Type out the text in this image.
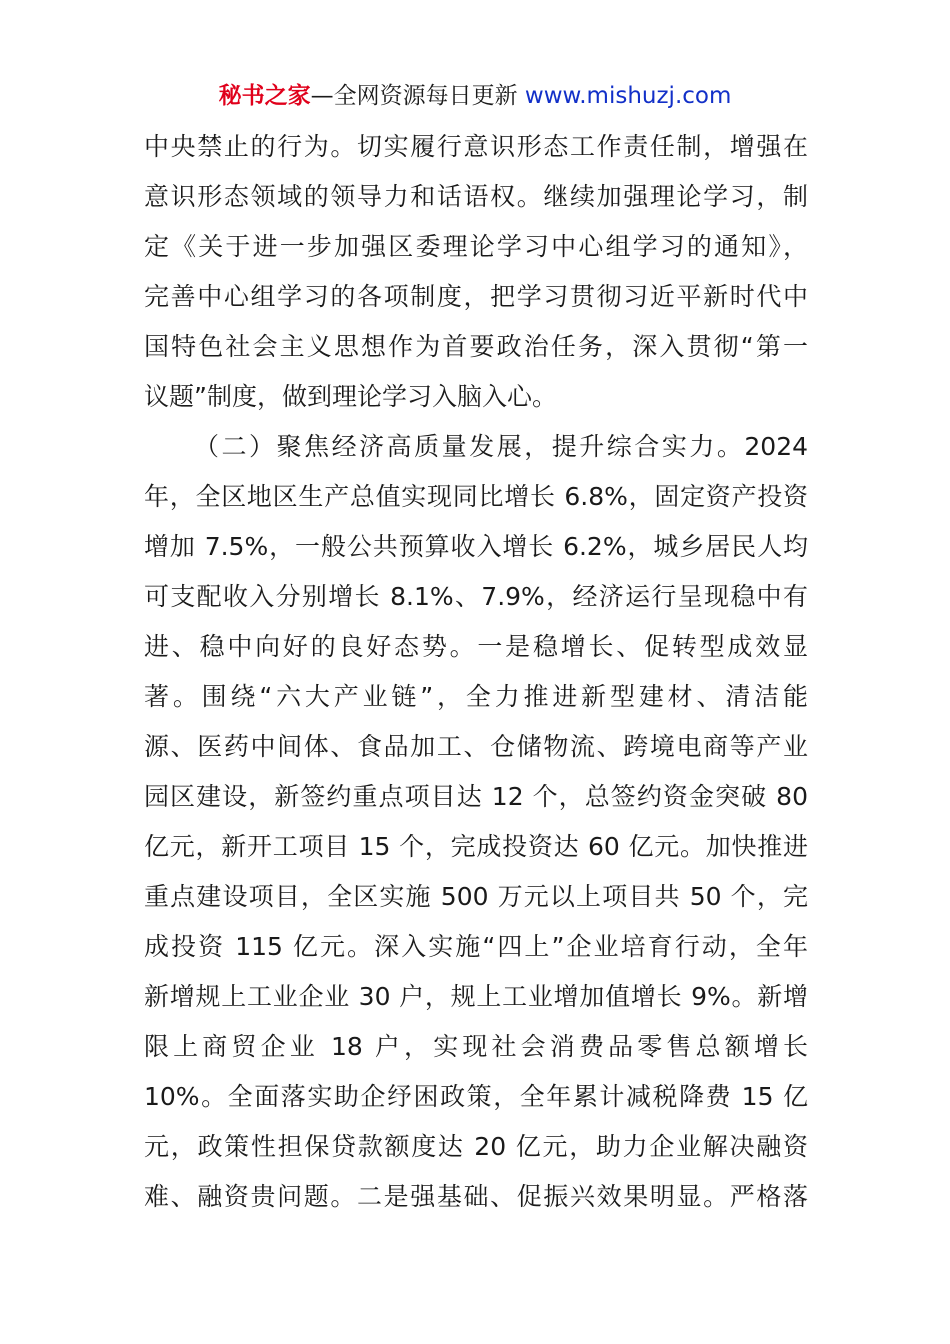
秘书之家—全网资源每日更新 www.mishuzj.com
中央禁止的行为。切实履行意识形态工作责任制，增强在
意识形态领域的领导力和话语权。继续加强理论学习，制
定《关于进一步加强区委理论学习中心组学习的通知》，
完善中心组学习的各项制度，把学习贯彻习近平新时代中
国特色社会主义思想作为首要政治任务，深入贯彻“第一
议题”制度，做到理论学习入脑入心。
（二）聚焦经济高质量发展，提升综合实力。2024
年，全区地区生产总值实现同比增长 6.8%，固定资产投资
增加 7.5%，一般公共预算收入增长 6.2%，城乡居民人均
可支配收入分别增长 8.1%、7.9%，经济运行呈现稳中有
进、稳中向好的良好态势。一是稳增长、促转型成效显
著。围绕“六大产业链”，全力推进新型建材、清洁能
源、医药中间体、食品加工、仓储物流、跨境电商等产业
园区建设，新签约重点项目达 12 个，总签约资金突破 80
亿元，新开工项目 15 个，完成投资达 60 亿元。加快推进
重点建设项目，全区实施 500 万元以上项目共 50 个，完
成投资 115 亿元。深入实施“四上”企业培育行动，全年
新增规上工业企业 30 户，规上工业增加值增长 9%。新增
限上商贸企业 18 户，实现社会消费品零售总额增长
10%。全面落实助企纾困政策，全年累计减税降费 15 亿
元，政策性担保贷款额度达 20 亿元，助力企业解决融资
难、融资贵问题。二是强基础、促振兴效果明显。严格落
